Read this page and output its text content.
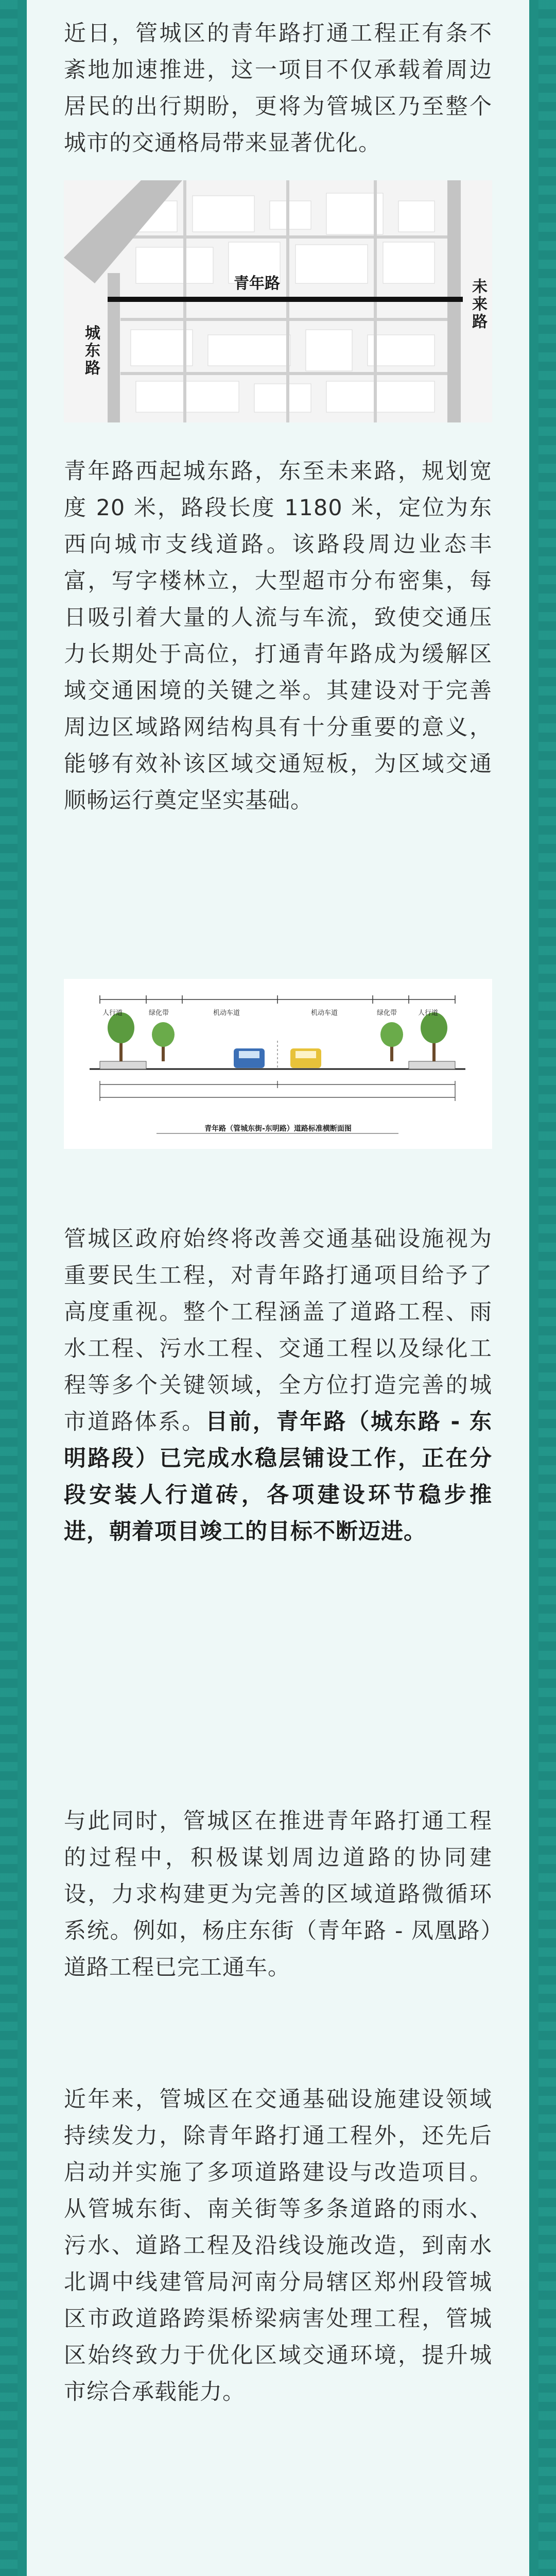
近日，管城区的青年路打通工程正有条不紊地加速推进，这一项目不仅承载着周边居民的出行期盼，更将为管城区乃至整个城市的交通格局带来显著优化。

青年路
城东路
未来路

青年路西起城东路，东至未来路，规划宽度 20 米，路段长度 1180 米，定位为东西向城市支线道路。该路段周边业态丰富，写字楼林立，大型超市分布密集，每日吸引着大量的人流与车流，致使交通压力长期处于高位，打通青年路成为缓解区域交通困境的关键之举。其建设对于完善周边区域路网结构具有十分重要的意义，能够有效补该区域交通短板，为区域交通顺畅运行奠定坚实基础。

人行道	绿化带	机动车道	机动车道	绿化带	人行道
青年路（管城东街-东明路）道路标准横断面图

管城区政府始终将改善交通基础设施视为重要民生工程，对青年路打通项目给予了高度重视。整个工程涵盖了道路工程、雨水工程、污水工程、交通工程以及绿化工程等多个关键领域，全方位打造完善的城市道路体系。目前，青年路（城东路 - 东明路段）已完成水稳层铺设工作，正在分段安装人行道砖，各项建设环节稳步推进，朝着项目竣工的目标不断迈进。

与此同时，管城区在推进青年路打通工程的过程中，积极谋划周边道路的协同建设，力求构建更为完善的区域道路微循环系统。例如，杨庄东街（青年路 - 凤凰路）道路工程已完工通车。

近年来，管城区在交通基础设施建设领域持续发力，除青年路打通工程外，还先后启动并实施了多项道路建设与改造项目。从管城东街、南关街等多条道路的雨水、污水、道路工程及沿线设施改造，到南水北调中线建管局河南分局辖区郑州段管城区市政道路跨渠桥梁病害处理工程，管城区始终致力于优化区域交通环境，提升城市综合承载能力。
